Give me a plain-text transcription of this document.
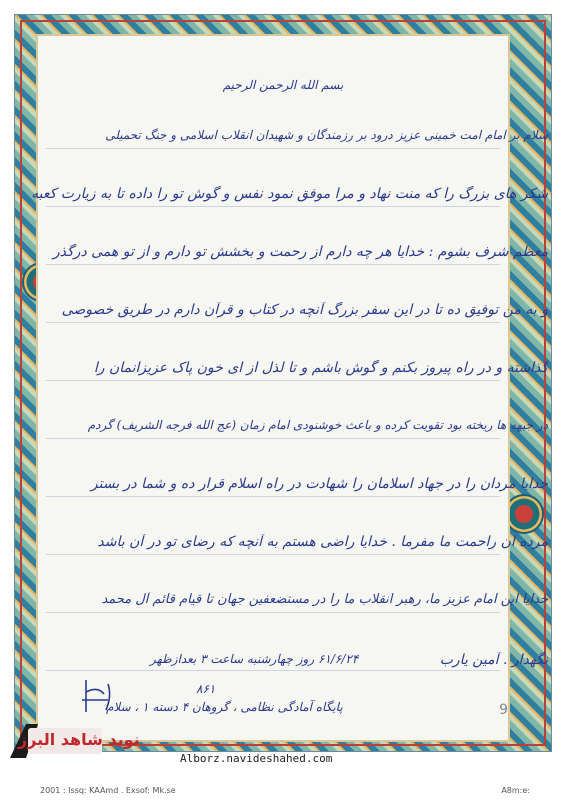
بسم الله الرحمن الرحیم
سلام بر امام امت خمینی عزیز درود بر رزمندگان و شهیدان انقلاب اسلامی و جنگ تحمیلی
شکر های بزرگ را که منت نهاد و مرا موفق نمود نفس و گوش تو را داده تا به زیارت کعبه
معظم شرف بشوم : خدایا هر چه دارم از رحمت و بخشش تو دارم و از تو همی درگذر
و به من توفیق ده تا در این سفر بزرگ آنچه در کتاب و قرآن دارم در طریق خصوصی
گذاشته و در راه پیروز بکنم و گوش باشم و تا لذل از ای خون پاک عزیزانمان را
در جبهه ها ریخته بود تقویت کرده و باعث خوشنودی امام زمان (عج الله فرجه الشریف) گردم
خدایا مردان را در جهاد اسلامان را شهادت در راه اسلام قرار ده و شما در بستر
مرده ان راحمت ما مفرما . خدایا راضی هستم به آنچه که رضای تو در آن باشد
خدایا این امام عزیز ما، رهبر انقلاب ما را در مستضعفین جهان تا قیام قائم آل محمد
نگهدار . آمین یارب
۶۱/۶/۲۴ روز چهارشنبه ساعت ۳ بعدازظهر
۸۶۱
پایگاه آمادگی نظامی ، گروهان ۴ دسته ۱ ، سلام	9
نوید شاهد البرز
Alborz.navideshahed.com
2001 : Issq: KAAmd . Exsof: Mk.se	A8m:e:
